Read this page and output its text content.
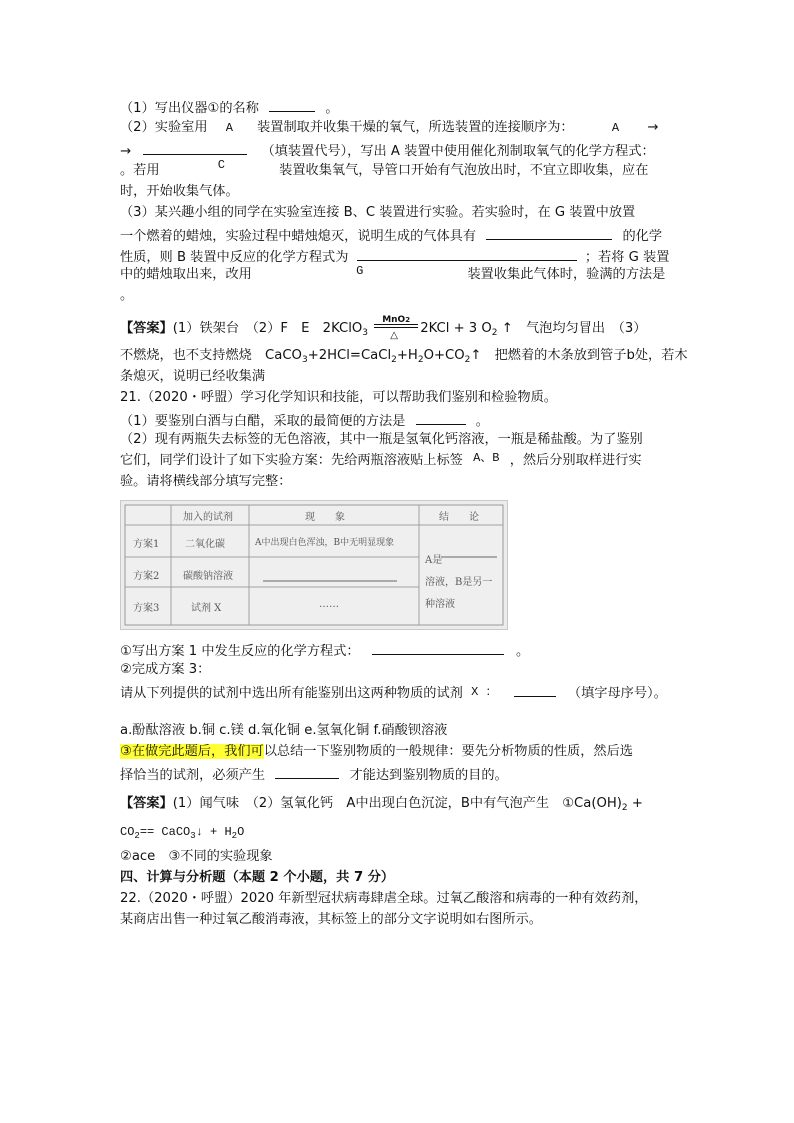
（1）写出仪器①的名称	。
（2）实验室用 A 装置制取并收集干燥的氧气，所选装置的连接顺序为：	A →
→	（填装置代号），写出 A 装置中使用催化剂制取氧气的化学方程式：
。若用	C	装置收集氧气，导管口开始有气泡放出时，不宜立即收集，应在
时，开始收集气体。
（3）某兴趣小组的同学在实验室连接 B、C 装置进行实验。若实验时，在 G 装置中放置
一个燃着的蜡烛，实验过程中蜡烛熄灭，说明生成的气体具有	的化学
性质，则 B 装置中反应的化学方程式为	；若将 G 装置
中的蜡烛取出来，改用	G	装置收集此气体时，验满的方法是
。
【答案】(1）铁架台　（2）F　E　2KClO$_3$
MnO2
△ 2KCl + 3 $O_2$ ↑　气泡均匀冒出　（3）
不燃烧，也不支持燃烧　$CaCO_3+2HCl=CaCl_2+H_2O+CO_2↑$　把燃着的木条放到管子b处，若木
条熄灭，说明已经收集满
21.（2020・呼盟）学习化学知识和技能，可以帮助我们鉴别和检验物质。
（1）要鉴别白酒与白醋，采取的最简便的方法是	。
（2）现有两瓶失去标签的无色溶液，其中一瓶是氢氧化钙溶液，一瓶是稀盐酸。为了鉴别
它们，同学们设计了如下实验方案：先给两瓶溶液贴上标签 A、B ，然后分别取样进行实
验。请将横线部分填写完整：
加入的试剂	现　　象	结　　论
方案1	二氧化碳	A中出现白色浑浊，B中无明显现象
方案2 碳酸钠溶液
方案3	试剂 X	……
A是
溶液，B是另一
种溶液
①写出方案 1 中发生反应的化学方程式：	。
②完成方案 3：
请从下列提供的试剂中选出所有能鉴别出这两种物质的试剂 X ：	（填字母序号）。
a.酚酞溶液 b.铜 c.镁 d.氧化铜 e.氢氧化铜 f.硝酸钡溶液
③在做完此题后，我们可以总结一下鉴别物质的一般规律：要先分析物质的性质，然后选
择恰当的试剂，必须产生	才能达到鉴别物质的目的。
【答案】(1）闻气味　（2）氢氧化钙　A中出现白色沉淀，B中有气泡产生　$①Ca(OH)_2$ +
$CO_2==$ CaCO$_3$↓ + $H_2O$
②ace　③不同的实验现象
四、计算与分析题（本题 2 个小题，共 7 分）
22.（2020・呼盟）2020 年新型冠状病毒肆虐全球。过氧乙酸溶和病毒的一种有效药剂，
某商店出售一种过氧乙酸消毒液，其标签上的部分文字说明如右图所示。
